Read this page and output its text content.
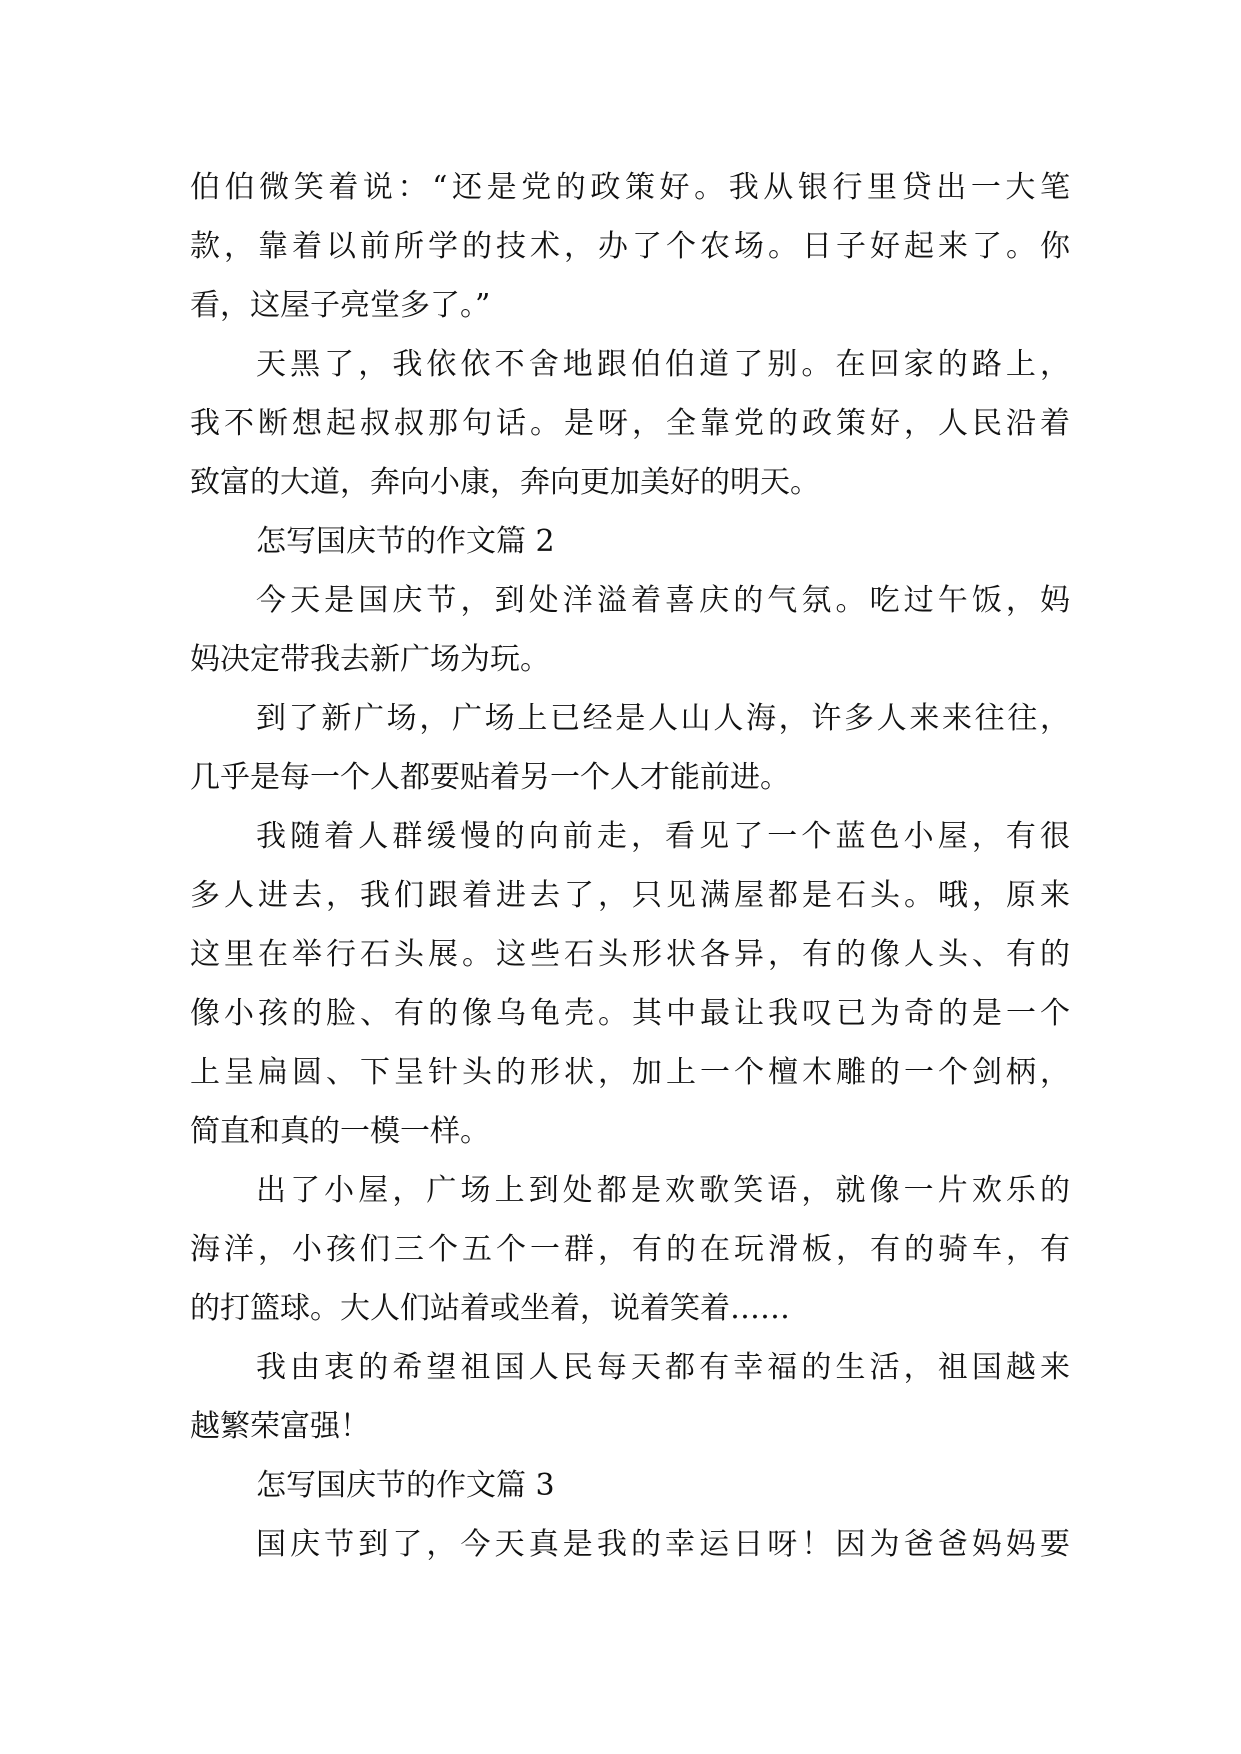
伯伯微笑着说：“还是党的政策好。我从银行里贷出一大笔
款，靠着以前所学的技术，办了个农场。日子好起来了。你
看，这屋子亮堂多了。”
天黑了，我依依不舍地跟伯伯道了别。在回家的路上，
我不断想起叔叔那句话。是呀，全靠党的政策好，人民沿着
致富的大道，奔向小康，奔向更加美好的明天。
怎写国庆节的作文篇 2
今天是国庆节，到处洋溢着喜庆的气氛。吃过午饭，妈
妈决定带我去新广场为玩。
到了新广场，广场上已经是人山人海，许多人来来往往，
几乎是每一个人都要贴着另一个人才能前进。
我随着人群缓慢的向前走，看见了一个蓝色小屋，有很
多人进去，我们跟着进去了，只见满屋都是石头。哦，原来
这里在举行石头展。这些石头形状各异，有的像人头、有的
像小孩的脸、有的像乌龟壳。其中最让我叹已为奇的是一个
上呈扁圆、下呈针头的形状，加上一个檀木雕的一个剑柄，
简直和真的一模一样。
出了小屋，广场上到处都是欢歌笑语，就像一片欢乐的
海洋，小孩们三个五个一群，有的在玩滑板，有的骑车，有
的打篮球。大人们站着或坐着，说着笑着……
我由衷的希望祖国人民每天都有幸福的生活，祖国越来
越繁荣富强！
怎写国庆节的作文篇 3
国庆节到了，今天真是我的幸运日呀！因为爸爸妈妈要
